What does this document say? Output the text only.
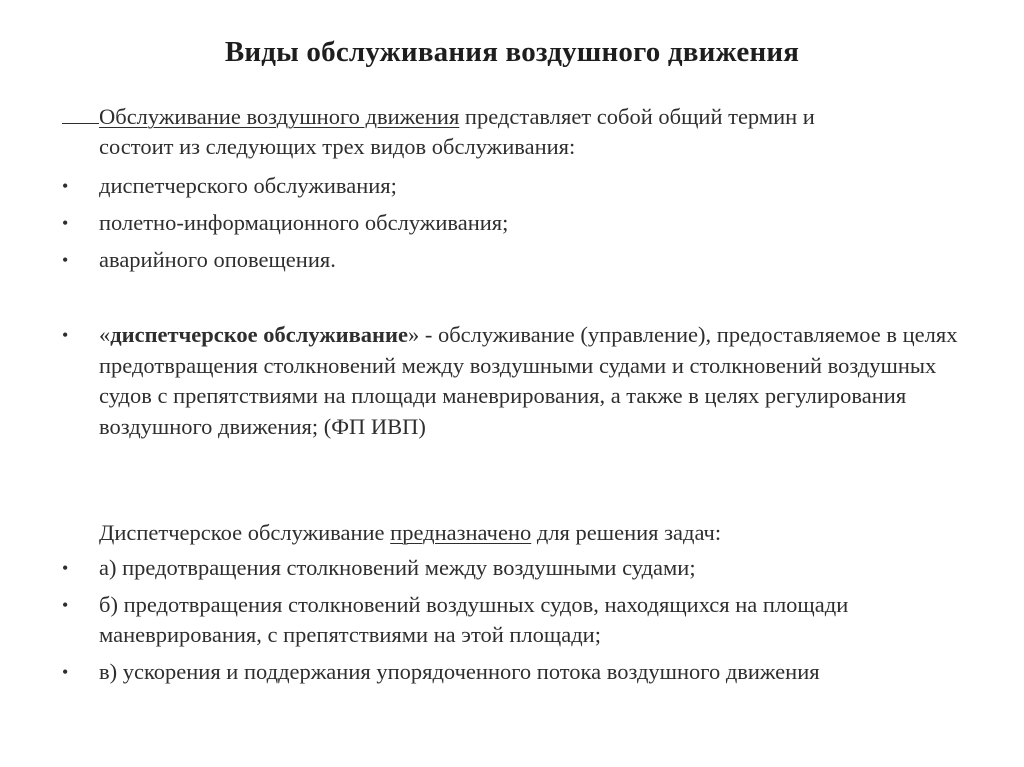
Виды обслуживания воздушного движения
Обслуживание воздушного движения представляет собой общий термин и
состоит из следующих трех видов обслуживания:
•	диспетчерского обслуживания;
•	полетно-информационного обслуживания;
•	аварийного оповещения.
•	«диспетчерское обслуживание» - обслуживание (управление), предоставляемое в целях предотвращения столкновений между воздушными судами и столкновений воздушных судов с препятствиями на площади маневрирования, а также в целях регулирования воздушного движения; (ФП ИВП)
Диспетчерское обслуживание предназначено для решения задач:
•	а) предотвращения столкновений между воздушными судами;
•	б) предотвращения столкновений воздушных судов, находящихся на площади маневрирования, с препятствиями на этой площади;
•	в) ускорения и поддержания упорядоченного потока воздушного движения
